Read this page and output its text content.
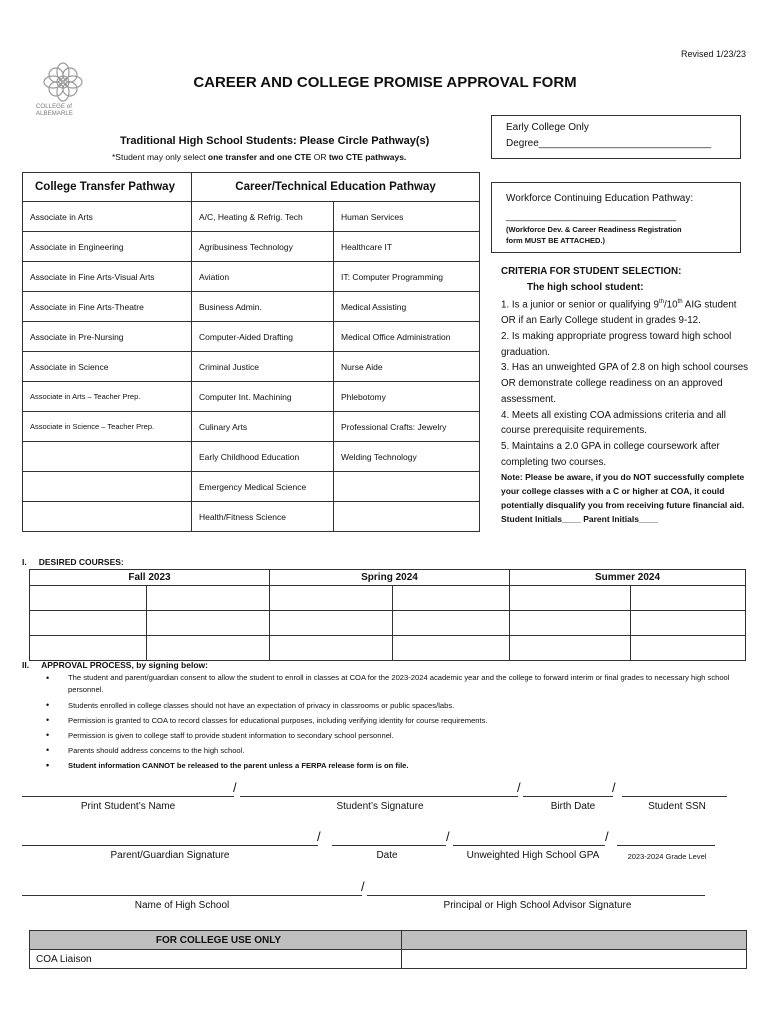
Revised 1/23/23
COLLEGE of
ALBEMARLE
CAREER AND COLLEGE PROMISE APPROVAL FORM
Traditional High School Students: Please Circle Pathway(s)
*Student may only select one transfer and one CTE OR two CTE pathways.
College Transfer Pathway	Career/Technical Education Pathway	
Associate in Arts	A/C, Heating & Refrig. Tech	Human Services
Associate in Engineering	Agribusiness Technology	Healthcare IT
Associate in Fine Arts-Visual Arts	Aviation	IT: Computer Programming
Associate in Fine Arts-Theatre	Business Admin.	Medical Assisting
Associate in Pre-Nursing	Computer-Aided Drafting	Medical Office Administration
Associate in Science	Criminal Justice	Nurse Aide
Associate in Arts – Teacher Prep.	Computer Int. Machining	Phlebotomy
Associate in Science – Teacher Prep.	Culinary Arts	Professional Crafts: Jewelry
	Early Childhood Education	Welding Technology
	Emergency Medical Science	
	Health/Fitness Science	
Early College Only
Degree_______________________________
Workforce Continuing Education Pathway:
__________________________________
(Workforce Dev. & Career Readiness Registration
form MUST BE ATTACHED.)
CRITERIA FOR STUDENT SELECTION:
The high school student:
1. Is a junior or senior or qualifying 9th/10th AIG student OR if an Early College student in grades 9-12.
2. Is making appropriate progress toward high school graduation.
3. Has an unweighted GPA of 2.8 on high school courses OR demonstrate college readiness on an approved assessment.
4. Meets all existing COA admissions criteria and all course prerequisite requirements.
5. Maintains a 2.0 GPA in college coursework after completing two courses.
Note: Please be aware, if you do NOT successfully complete your college classes with a C or higher at COA, it could potentially disqualify you from receiving future financial aid.
Student Initials____ Parent Initials____
I. DESIRED COURSES:
Fall 2023		Spring 2024		Summer 2024	

II. APPROVAL PROCESS, by signing below:
• The student and parent/guardian consent to allow the student to enroll in classes at COA for the 2023-2024 academic year and the college to forward interim or final grades to necessary high school personnel.
• Students enrolled in college classes should not have an expectation of privacy in classrooms or public spaces/labs.
• Permission is granted to COA to record classes for educational purposes, including verifying identity for course requirements.
• Permission is given to college staff to provide student information to secondary school personnel.
• Parents should address concerns to the high school.
• Student information CANNOT be released to the parent unless a FERPA release form is on file.
/	/	/
Print Student’s Name	Student’s Signature	Birth Date	Student SSN
/	/	/
Parent/Guardian Signature	Date	Unweighted High School GPA	2023-2024 Grade Level
/
Name of High School	Principal or High School Advisor Signature
FOR COLLEGE USE ONLY	
COA Liaison	
